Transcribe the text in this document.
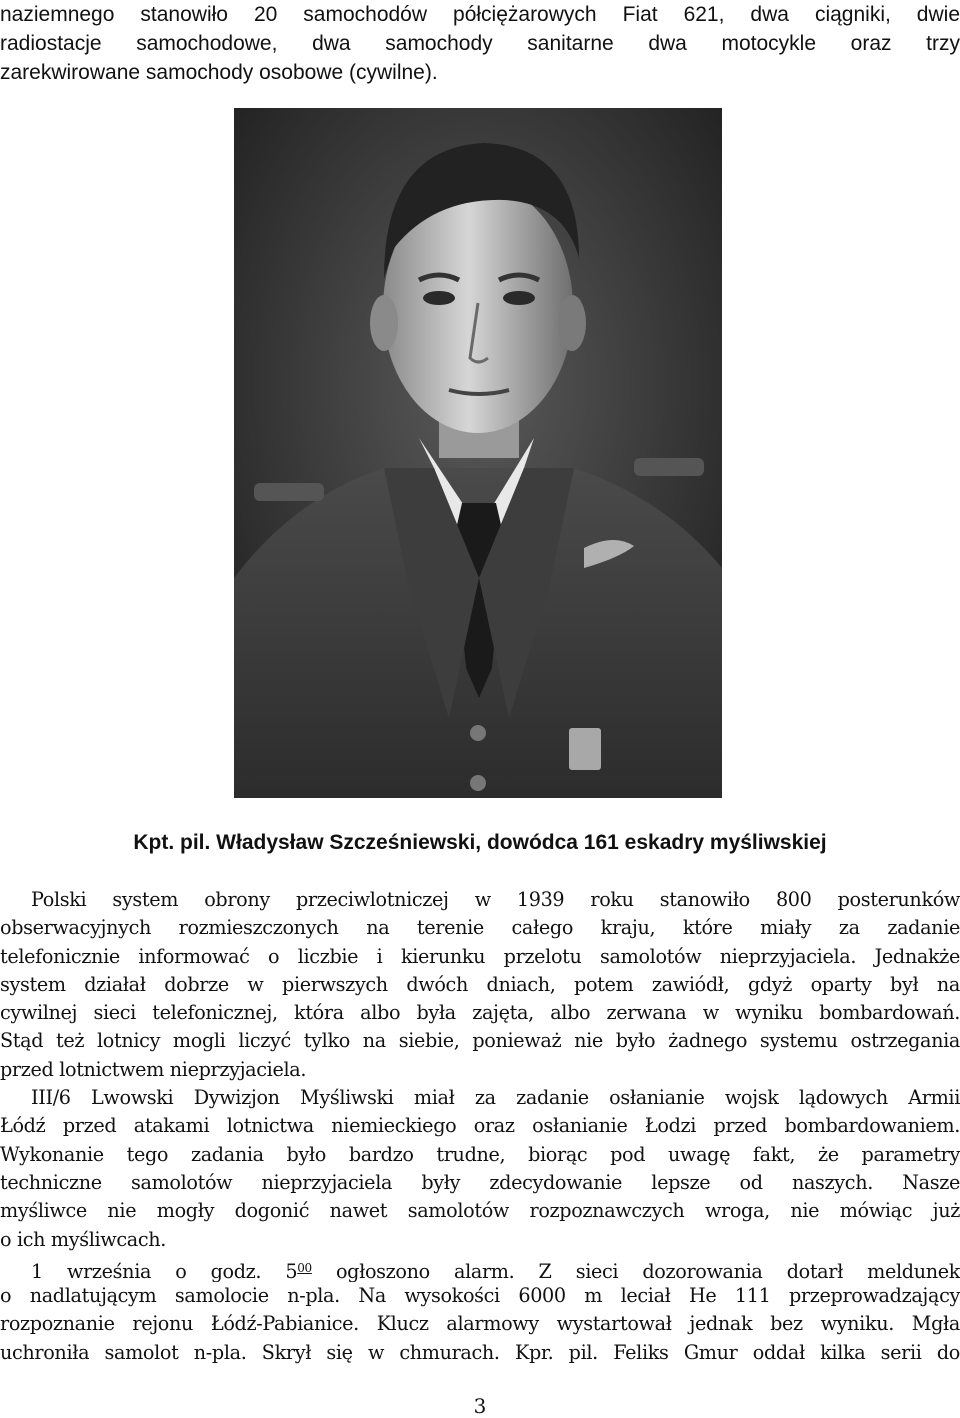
naziemnego stanowiło 20 samochodów półciężarowych Fiat 621, dwa ciągniki, dwie
radiostacje samochodowe, dwa samochody sanitarne dwa motocykle oraz trzy
zarekwirowane samochody osobowe (cywilne).
Kpt. pil. Władysław Szcześniewski, dowódca 161 eskadry myśliwskiej
Polski system obrony przeciwlotniczej w 1939 roku stanowiło 800 posterunków
obserwacyjnych rozmieszczonych na terenie całego kraju, które miały za zadanie
telefonicznie informować o liczbie i kierunku przelotu samolotów nieprzyjaciela. Jednakże
system działał dobrze w pierwszych dwóch dniach, potem zawiódł, gdyż oparty był na
cywilnej sieci telefonicznej, która albo była zajęta, albo zerwana w wyniku bombardowań.
Stąd też lotnicy mogli liczyć tylko na siebie, ponieważ nie było żadnego systemu ostrzegania
przed lotnictwem nieprzyjaciela.
III/6 Lwowski Dywizjon Myśliwski miał za zadanie osłanianie wojsk lądowych Armii
Łódź przed atakami lotnictwa niemieckiego oraz osłanianie Łodzi przed bombardowaniem.
Wykonanie tego zadania było bardzo trudne, biorąc pod uwagę fakt, że parametry
techniczne samolotów nieprzyjaciela były zdecydowanie lepsze od naszych. Nasze
myśliwce nie mogły dogonić nawet samolotów rozpoznawczych wroga, nie mówiąc już
o ich myśliwcach.
1 września o godz. $5^{00}$ ogłoszono alarm. Z sieci dozorowania dotarł meldunek
o nadlatującym samolocie n-pla. Na wysokości 6000 m leciał He 111 przeprowadzający
rozpoznanie rejonu Łódź-Pabianice. Klucz alarmowy wystartował jednak bez wyniku. Mgła
uchroniła samolot n-pla. Skrył się w chmurach. Kpr. pil. Feliks Gmur oddał kilka serii do
3
